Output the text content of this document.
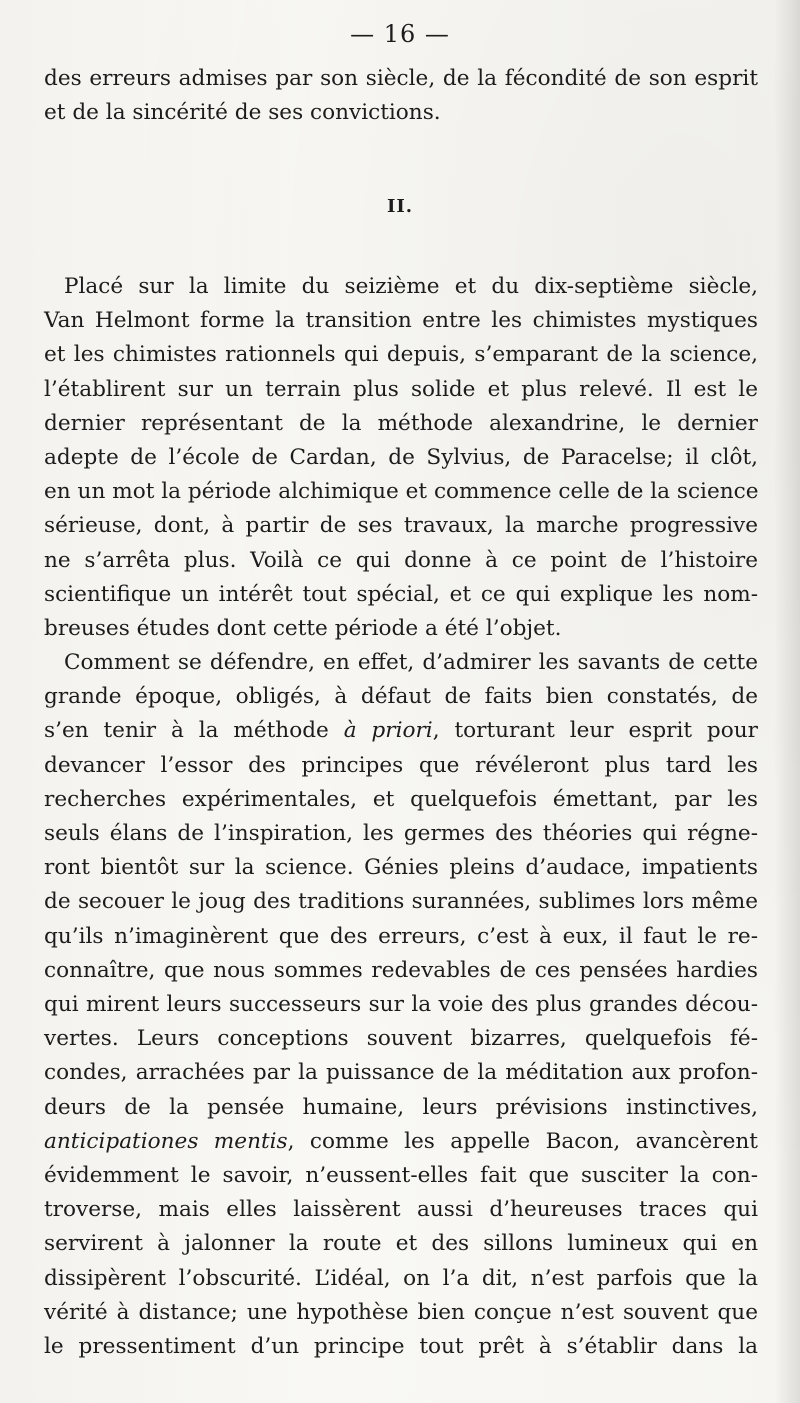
— 16 —
des erreurs admises par son siècle, de la fécondité de son esprit
et de la sincérité de ses convictions.
II.
Placé sur la limite du seizième et du dix-septième siècle,
Van Helmont forme la transition entre les chimistes mystiques
et les chimistes rationnels qui depuis, s’emparant de la science,
l’établirent sur un terrain plus solide et plus relevé. Il est le
dernier représentant de la méthode alexandrine, le dernier
adepte de l’école de Cardan, de Sylvius, de Paracelse; il clôt,
en un mot la période alchimique et commence celle de la science
sérieuse, dont, à partir de ses travaux, la marche progressive
ne s’arrêta plus. Voilà ce qui donne à ce point de l’histoire
scientifique un intérêt tout spécial, et ce qui explique les nom-
breuses études dont cette période a été l’objet.
Comment se défendre, en effet, d’admirer les savants de cette
grande époque, obligés, à défaut de faits bien constatés, de
s’en tenir à la méthode à priori, torturant leur esprit pour
devancer l’essor des principes que révéleront plus tard les
recherches expérimentales, et quelquefois émettant, par les
seuls élans de l’inspiration, les germes des théories qui régne-
ront bientôt sur la science. Génies pleins d’audace, impatients
de secouer le joug des traditions surannées, sublimes lors même
qu’ils n’imaginèrent que des erreurs, c’est à eux, il faut le re-
connaître, que nous sommes redevables de ces pensées hardies
qui mirent leurs successeurs sur la voie des plus grandes décou-
vertes. Leurs conceptions souvent bizarres, quelquefois fé-
condes, arrachées par la puissance de la méditation aux profon-
deurs de la pensée humaine, leurs prévisions instinctives,
anticipationes mentis, comme les appelle Bacon, avancèrent
évidemment le savoir, n’eussent-elles fait que susciter la con-
troverse, mais elles laissèrent aussi d’heureuses traces qui
servirent à jalonner la route et des sillons lumineux qui en
dissipèrent l’obscurité. L’idéal, on l’a dit, n’est parfois que la
vérité à distance; une hypothèse bien conçue n’est souvent que
le pressentiment d’un principe tout prêt à s’établir dans la
